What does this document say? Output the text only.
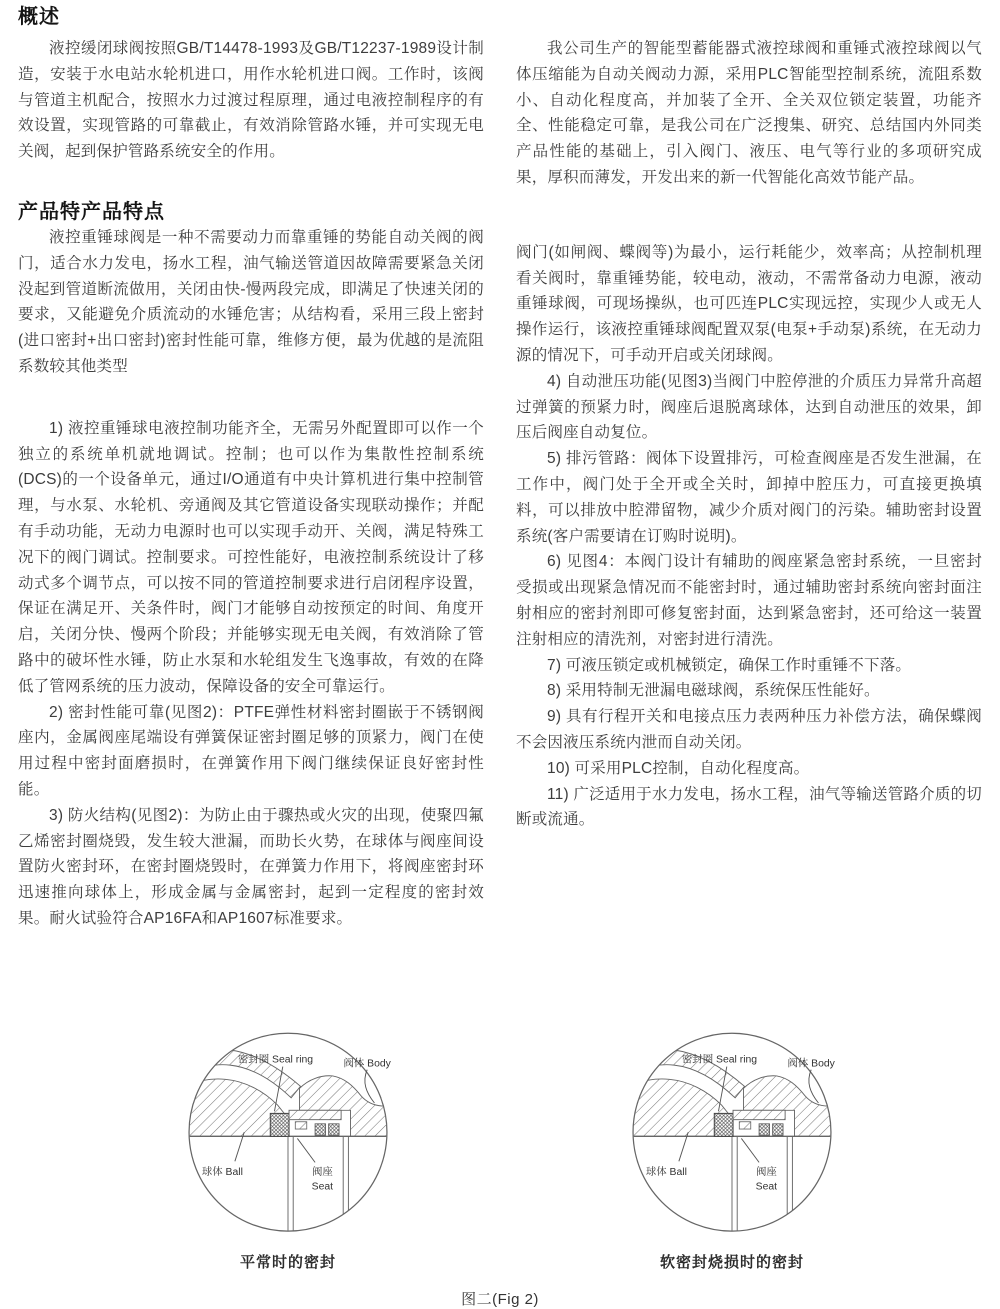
概述

液控缓闭球阀按照GB/T14478-1993及GB/T12237-1989设计制造，安装于水电站水轮机进口，用作水轮机进口阀。工作时，该阀与管道主机配合，按照水力过渡过程原理，通过电液控制程序的有效设置，实现管路的可靠截止，有效消除管路水锤，并可实现无电关阀，起到保护管路系统安全的作用。

产品特产品特点

液控重锤球阀是一种不需要动力而靠重锤的势能自动关阀的阀门，适合水力发电，扬水工程，油气输送管道因故障需要紧急关闭没起到管道断流做用，关闭由快-慢两段完成，即满足了快速关闭的要求，又能避免介质流动的水锤危害；从结构看，采用三段上密封(进口密封+出口密封)密封性能可靠，维修方便，最为优越的是流阻系数较其他类型

1) 液控重锤球电液控制功能齐全，无需另外配置即可以作一个独立的系统单机就地调试。控制；也可以作为集散性控制系统(DCS)的一个设备单元，通过I/O通道有中央计算机进行集中控制管理，与水泵、水轮机、旁通阀及其它管道设备实现联动操作；并配有手动功能，无动力电源时也可以实现手动开、关阀，满足特殊工况下的阀门调试。控制要求。可控性能好，电液控制系统设计了移动式多个调节点，可以按不同的管道控制要求进行启闭程序设置，保证在满足开、关条件时，阀门才能够自动按预定的时间、角度开启，关闭分快、慢两个阶段；并能够实现无电关阀，有效消除了管路中的破坏性水锤，防止水泵和水轮组发生飞逸事故，有效的在降低了管网系统的压力波动，保障设备的安全可靠运行。

2) 密封性能可靠(见图2)：PTFE弹性材料密封圈嵌于不锈钢阀座内，金属阀座尾端设有弹簧保证密封圈足够的顶紧力，阀门在使用过程中密封面磨损时，在弹簧作用下阀门继续保证良好密封性能。

3) 防火结构(见图2)：为防止由于骤热或火灾的出现，使聚四氟乙烯密封圈烧毁，发生较大泄漏，而助长火势，在球体与阀座间设置防火密封环，在密封圈烧毁时，在弹簧力作用下，将阀座密封环迅速推向球体上，形成金属与金属密封，起到一定程度的密封效果。耐火试验符合AP16FA和AP1607标准要求。

我公司生产的智能型蓄能器式液控球阀和重锤式液控球阀以气体压缩能为自动关阀动力源，采用PLC智能型控制系统，流阻系数小、自动化程度高，并加装了全开、全关双位锁定装置，功能齐全、性能稳定可靠，是我公司在广泛搜集、研究、总结国内外同类产品性能的基础上，引入阀门、液压、电气等行业的多项研究成果，厚积而薄发，开发出来的新一代智能化高效节能产品。

阀门(如闸阀、蝶阀等)为最小，运行耗能少，效率高；从控制机理看关阀时，靠重锤势能，较电动，液动，不需常备动力电源，液动重锤球阀，可现场操纵，也可匹连PLC实现远控，实现少人或无人操作运行，该液控重锤球阀配置双泵(电泵+手动泵)系统，在无动力源的情况下，可手动开启或关闭球阀。

4) 自动泄压功能(见图3)当阀门中腔停泄的介质压力异常升高超过弹簧的预紧力时，阀座后退脱离球体，达到自动泄压的效果，卸压后阀座自动复位。

5) 排污管路：阀体下设置排污，可检查阀座是否发生泄漏，在工作中，阀门处于全开或全关时，卸掉中腔压力，可直接更换填料，可以排放中腔滞留物，减少介质对阀门的污染。辅助密封设置系统(客户需要请在订购时说明)。

6) 见图4：本阀门设计有辅助的阀座紧急密封系统，一旦密封受损或出现紧急情况而不能密封时，通过辅助密封系统向密封面注射相应的密封剂即可修复密封面，达到紧急密封，还可给这一装置注射相应的清洗剂，对密封进行清洗。

7) 可液压锁定或机械锁定，确保工作时重锤不下落。

8) 采用特制无泄漏电磁球阀，系统保压性能好。

9) 具有行程开关和电接点压力表两种压力补偿方法，确保蝶阀不会因液压系统内泄而自动关闭。

10) 可采用PLC控制，自动化程度高。

11) 广泛适用于水力发电，扬水工程，油气等输送管路介质的切断或流通。

密封圈 Seal ring	阀体 Body
球体 Ball	阀座
Seat
平常时的密封
密封圈 Seal ring	阀体 Body
球体 Ball	阀座
Seat
软密封烧损时的密封
图二(Fig 2)
